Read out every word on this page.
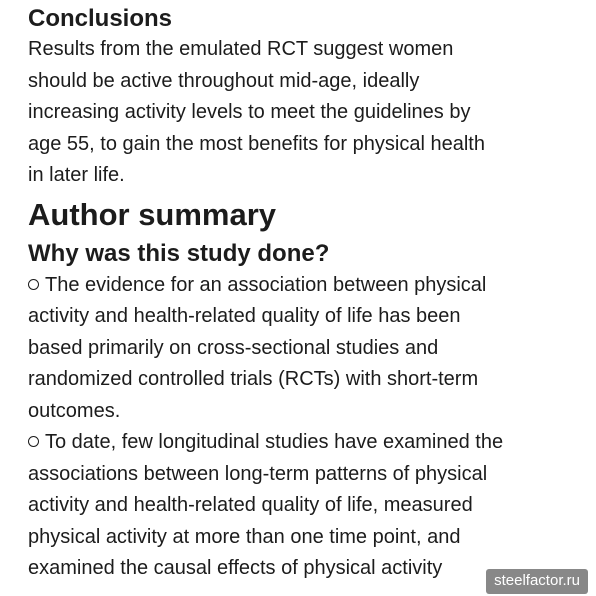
Conclusions

Results from the emulated RCT suggest women
should be active throughout mid-age, ideally
increasing activity levels to meet the guidelines by
age 55, to gain the most benefits for physical health
in later life.

Author summary
Why was this study done?

The evidence for an association between physical
activity and health-related quality of life has been
based primarily on cross-sectional studies and
randomized controlled trials (RCTs) with short-term
outcomes.

To date, few longitudinal studies have examined the
associations between long-term patterns of physical
activity and health-related quality of life, measured
physical activity at more than one time point, and
examined the causal effects of physical activity

steelfactor.ru
